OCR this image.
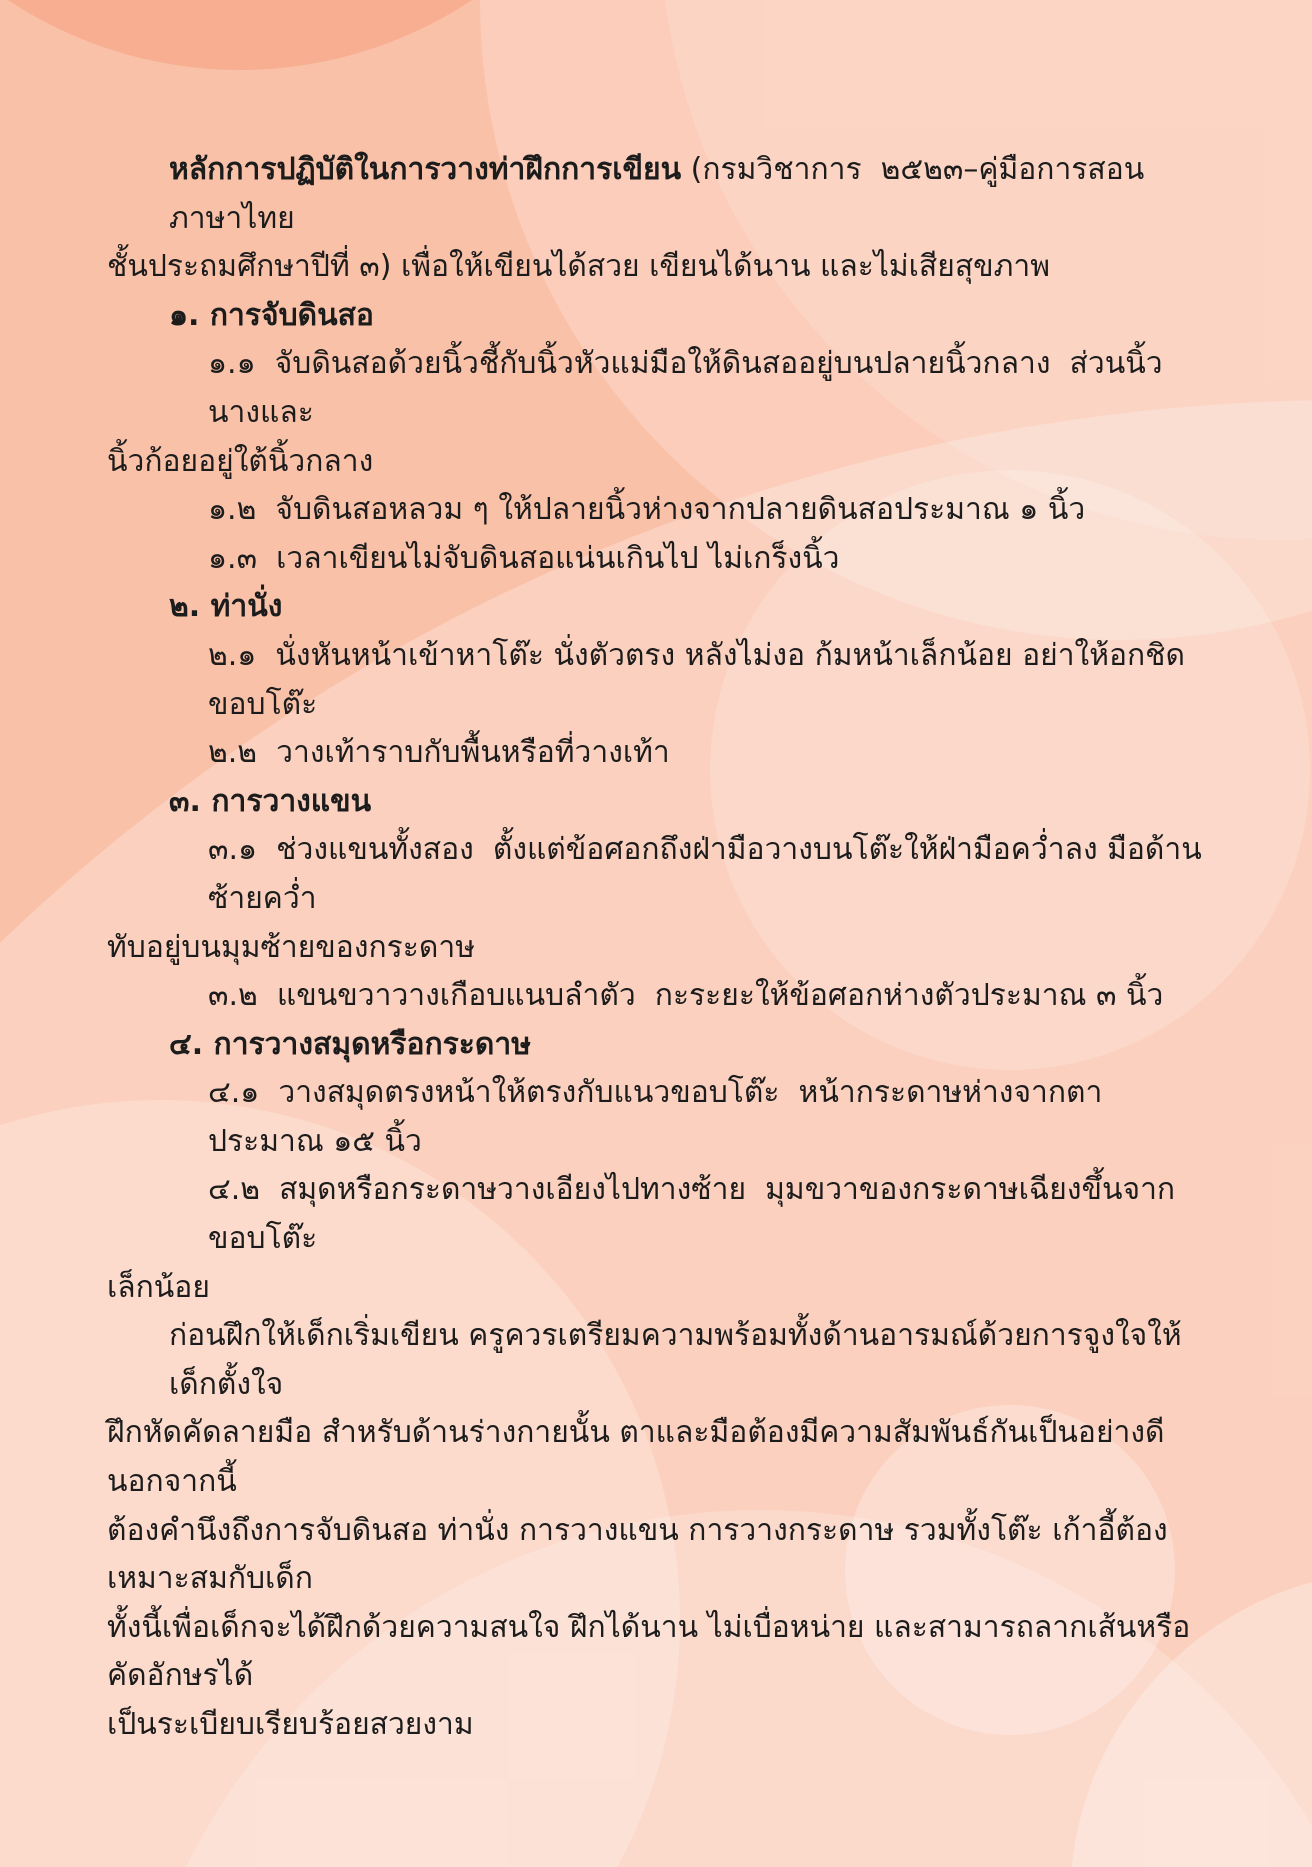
หลักการปฏิบัติในการวางท่าฝึกการเขียน (กรมวิชาการ  ๒๕๒๓–คู่มือการสอนภาษาไทย
ชั้นประถมศึกษาปีที่ ๓) เพื่อให้เขียนได้สวย เขียนได้นาน และไม่เสียสุขภาพ
๑. การจับดินสอ
๑.๑  จับดินสอด้วยนิ้วชี้กับนิ้วหัวแม่มือให้ดินสออยู่บนปลายนิ้วกลาง  ส่วนนิ้วนางและ
นิ้วก้อยอยู่ใต้นิ้วกลาง
๑.๒  จับดินสอหลวม ๆ ให้ปลายนิ้วห่างจากปลายดินสอประมาณ ๑ นิ้ว
๑.๓  เวลาเขียนไม่จับดินสอแน่นเกินไป ไม่เกร็งนิ้ว
๒. ท่านั่ง
๒.๑  นั่งหันหน้าเข้าหาโต๊ะ นั่งตัวตรง หลังไม่งอ ก้มหน้าเล็กน้อย อย่าให้อกชิดขอบโต๊ะ
๒.๒  วางเท้าราบกับพื้นหรือที่วางเท้า
๓. การวางแขน
๓.๑  ช่วงแขนทั้งสอง  ตั้งแต่ข้อศอกถึงฝ่ามือวางบนโต๊ะให้ฝ่ามือคว่ำลง มือด้านซ้ายคว่ำ
ทับอยู่บนมุมซ้ายของกระดาษ
๓.๒  แขนขวาวางเกือบแนบลำตัว  กะระยะให้ข้อศอกห่างตัวประมาณ ๓ นิ้ว
๔. การวางสมุดหรือกระดาษ
๔.๑  วางสมุดตรงหน้าให้ตรงกับแนวขอบโต๊ะ  หน้ากระดาษห่างจากตาประมาณ ๑๕ นิ้ว
๔.๒  สมุดหรือกระดาษวางเอียงไปทางซ้าย  มุมขวาของกระดาษเฉียงขึ้นจากขอบโต๊ะ
เล็กน้อย
ก่อนฝึกให้เด็กเริ่มเขียน ครูควรเตรียมความพร้อมทั้งด้านอารมณ์ด้วยการจูงใจให้เด็กตั้งใจ
ฝึกหัดคัดลายมือ สำหรับด้านร่างกายนั้น ตาและมือต้องมีความสัมพันธ์กันเป็นอย่างดี นอกจากนี้
ต้องคำนึงถึงการจับดินสอ ท่านั่ง การวางแขน การวางกระดาษ รวมทั้งโต๊ะ เก้าอี้ต้องเหมาะสมกับเด็ก
ทั้งนี้เพื่อเด็กจะได้ฝึกด้วยความสนใจ ฝึกได้นาน ไม่เบื่อหน่าย และสามารถลากเส้นหรือคัดอักษรได้
เป็นระเบียบเรียบร้อยสวยงาม
